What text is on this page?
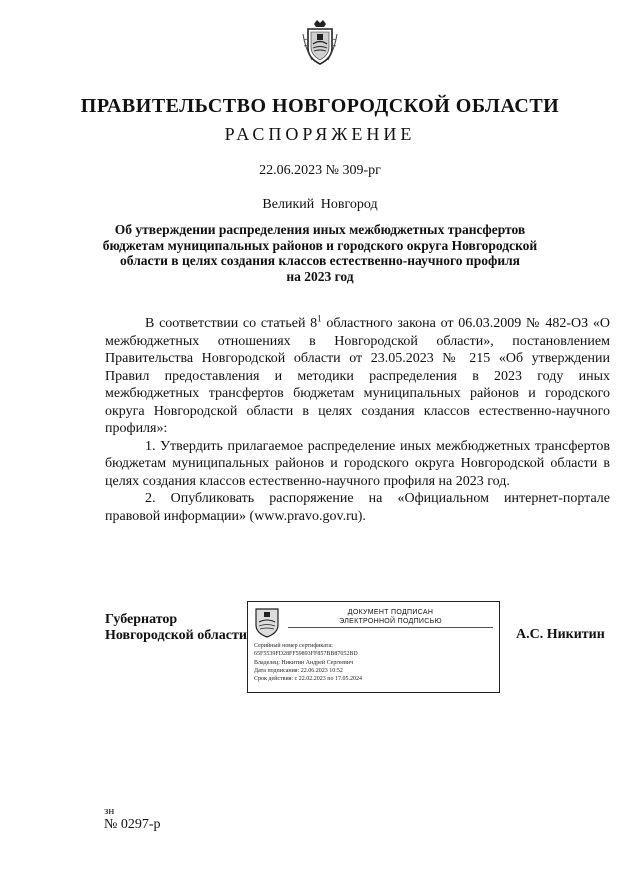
ПРАВИТЕЛЬСТВО НОВГОРОДСКОЙ ОБЛАСТИ
РАСПОРЯЖЕНИЕ
22.06.2023 № 309-рг
Великий Новгород
Об утверждении распределения иных межбюджетных трансфертов
бюджетам муниципальных районов и городского округа Новгородской
области в целях создания классов естественно-научного профиля
на 2023 год

В соответствии со статьей $8^1$ областного закона от 06.03.2009 № 482-ОЗ «О межбюджетных отношениях в Новгородской области», постановлением Правительства Новгородской области от 23.05.2023 № 215 «Об утверждении Правил предоставления и методики распределения в 2023 году иных межбюджетных трансфертов бюджетам муниципальных районов и городского округа Новгородской области в целях создания классов естественно-научного профиля»:

1. Утвердить прилагаемое распределение иных межбюджетных трансфертов бюджетам муниципальных районов и городского округа Новгородской области в целях создания классов естественно-научного профиля на 2023 год.

2. Опубликовать распоряжение на «Официальном интернет-портале правовой информации» (www.pravo.gov.ru).

Губернатор
Новгородской области
ДОКУМЕНТ ПОДПИСАН
ЭЛЕКТРОННОЙ ПОДПИСЬЮ
Серийный номер сертификата:
65F5539FD28FF59893FF857BB87052BD
Владелец: Никитин Андрей Сергеевич
Дата подписания: 22.06.2023 10:52
Срок действия: с 22.02.2023 по 17.05.2024
А.С. Никитин
зн
№ 0297-р
